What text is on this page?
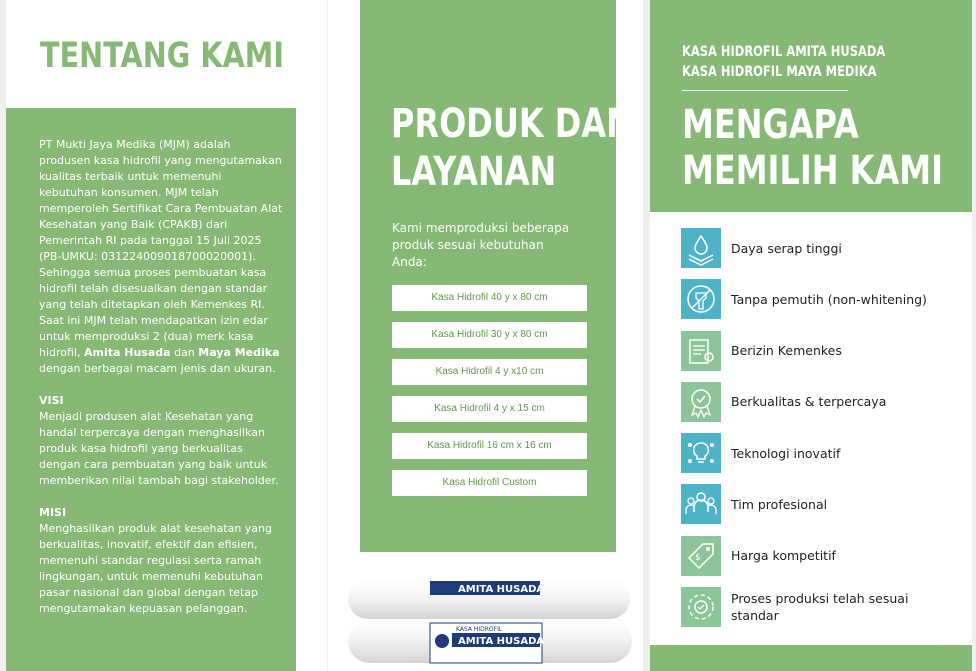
TENTANG KAMI

PT Mukti Jaya Medika (MJM) adalah produsen kasa hidrofil yang mengutamakan kualitas terbaik untuk memenuhi kebutuhan konsumen. MJM telah memperoleh Sertifikat Cara Pembuatan Alat Kesehatan yang Baik (CPAKB) dari Pemerintah RI pada tanggal 15 Juli 2025 (PB-UMKU: 031224009018700020001). Sehingga semua proses pembuatan kasa hidrofil telah disesuaikan dengan standar yang telah ditetapkan oleh Kemenkes RI. Saat ini MJM telah mendapatkan izin edar untuk memproduksi 2 (dua) merk kasa hidrofil, Amita Husada dan Maya Medika dengan berbagai macam jenis dan ukuran.

VISI
Menjadi produsen alat Kesehatan yang handal terpercaya dengan menghasilkan produk kasa hidrofil yang berkualitas dengan cara pembuatan yang baik untuk memberikan nilai tambah bagi stakeholder.

MISI
Menghasilkan produk alat kesehatan yang berkualitas, inovatif, efektif dan efisien, memenuhi standar regulasi serta ramah lingkungan, untuk memenuhi kebutuhan pasar nasional dan global dengan tetap mengutamakan kepuasan pelanggan.

PRODUK DAN
LAYANAN
Kami memproduksi beberapa produk sesuai kebutuhan Anda:
Kasa Hidrofil 40 y x 80 cm
Kasa Hidrofil 30 y x 80 cm
Kasa Hidrofil 4 y x10 cm
Kasa Hidrofil 4 y x 15 cm
Kasa Hidrofil 16 cm x 16 cm
Kasa Hidrofil Custom
AMITA HUSADA
KASA HIDROFIL
AMITA HUSADA
KASA HIDROFIL AMITA HUSADA
KASA HIDROFIL MAYA MEDIKA
MENGAPA
MEMILIH KAMI
Daya serap tinggi
Tanpa pemutih (non-whitening)
Berizin Kemenkes
Berkualitas & terpercaya
Teknologi inovatif
Tim profesional
$ Harga kompetitif
Proses produksi telah sesuai standar
